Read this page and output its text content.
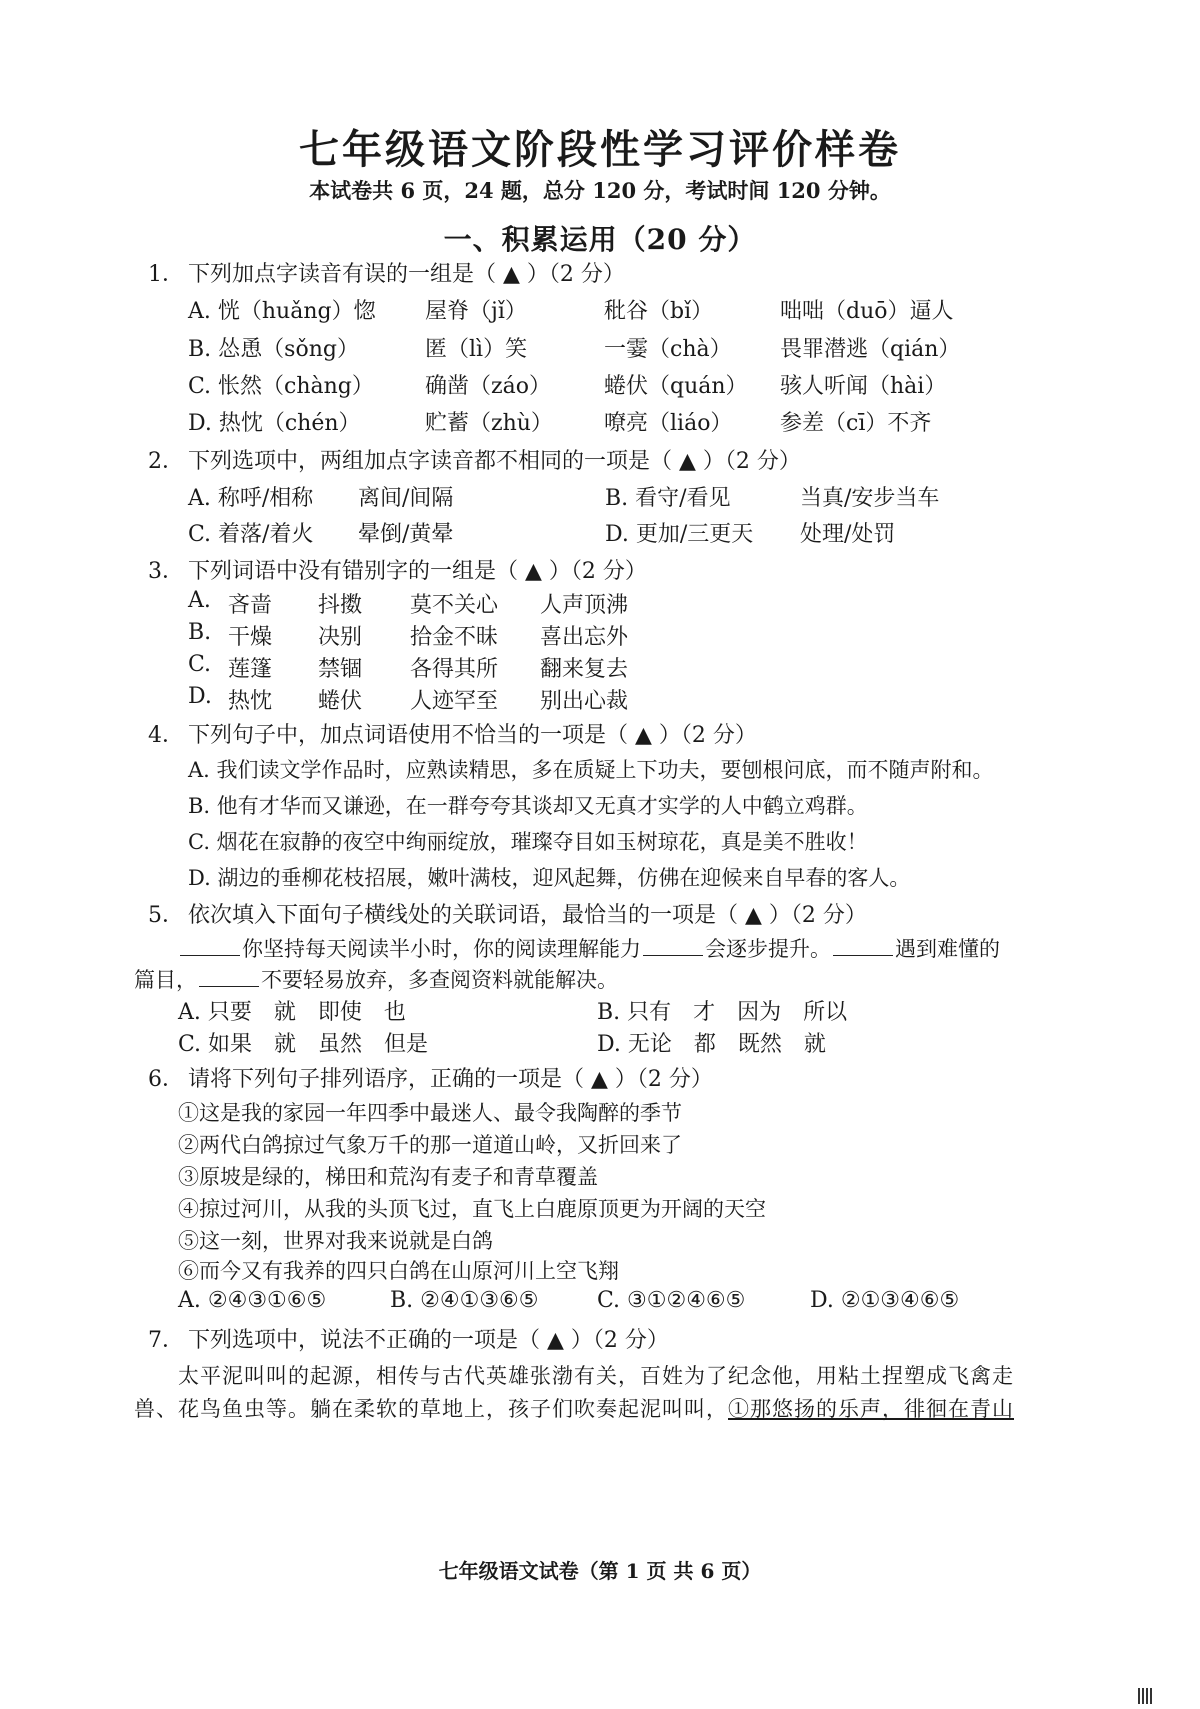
七年级语文阶段性学习评价样卷
本试卷共 6 页，24 题，总分 120 分，考试时间 120 分钟。
一、积累运用（20 分）
1． 下列加点字读音有误的一组是（ ▲ ）（2 分）
A. 恍（huǎng）惚 屋脊（jǐ）	秕谷（bǐ）	咄咄（duō）逼人
B. 怂恿（sǒng）	匿（lì）笑	一霎（chà） 畏罪潜逃（qián）
C. 怅然（chàng） 确凿（záo） 蜷伏（quán） 骇人听闻（hài）
D. 热忱（chén）	贮蓄（zhù） 嘹亮（liáo） 参差（cī）不齐
2． 下列选项中，两组加点字读音都不相同的一项是（ ▲ ）（2 分）
A. 称呼/相称 离间/间隔	B. 看守/看见	当真/安步当车
C. 着落/着火 晕倒/黄晕	D. 更加/三更天 处理/处罚
3． 下列词语中没有错别字的一组是（ ▲ ）（2 分）
A. 吝啬 抖擞 莫不关心 人声顶沸
B. 干燥 决别 拾金不昧 喜出忘外
C. 莲篷 禁锢 各得其所 翻来复去
D. 热忱 蜷伏 人迹罕至 别出心裁
4． 下列句子中，加点词语使用不恰当的一项是（ ▲ ）（2 分）
A. 我们读文学作品时，应熟读精思，多在质疑上下功夫，要刨根问底，而不随声附和。
B. 他有才华而又谦逊，在一群夸夸其谈却又无真才实学的人中鹤立鸡群。
C. 烟花在寂静的夜空中绚丽绽放，璀璨夺目如玉树琼花，真是美不胜收！
D. 湖边的垂柳花枝招展，嫩叶满枝，迎风起舞，仿佛在迎候来自早春的客人。
5． 依次填入下面句子横线处的关联词语，最恰当的一项是（ ▲ ）（2 分）
你坚持每天阅读半小时，你的阅读理解能力	会逐步提升。	遇到难懂的
篇目，	不要轻易放弃，多查阅资料就能解决。
A. 只要　就　即使　也	B. 只有　才　因为　所以
C. 如果　就　虽然　但是	D. 无论　都　既然　就
6． 请将下列句子排列语序，正确的一项是（ ▲ ）（2 分）
①这是我的家园一年四季中最迷人、最令我陶醉的季节
②两代白鸽掠过气象万千的那一道道山岭，又折回来了
③原坡是绿的，梯田和荒沟有麦子和青草覆盖
④掠过河川，从我的头顶飞过，直飞上白鹿原顶更为开阔的天空
⑤这一刻，世界对我来说就是白鸽
⑥而今又有我养的四只白鸽在山原河川上空飞翔
A. ②④③①⑥⑤	B. ②④①③⑥⑤	C. ③①②④⑥⑤	D. ②①③④⑥⑤
7． 下列选项中，说法不正确的一项是（ ▲ ）（2 分）
太平泥叫叫的起源，相传与古代英雄张渤有关，百姓为了纪念他，用粘土捏塑成飞禽走
兽、花鸟鱼虫等。躺在柔软的草地上，孩子们吹奏起泥叫叫，①那悠扬的乐声，徘徊在青山
七年级语文试卷（第 1 页 共 6 页）
